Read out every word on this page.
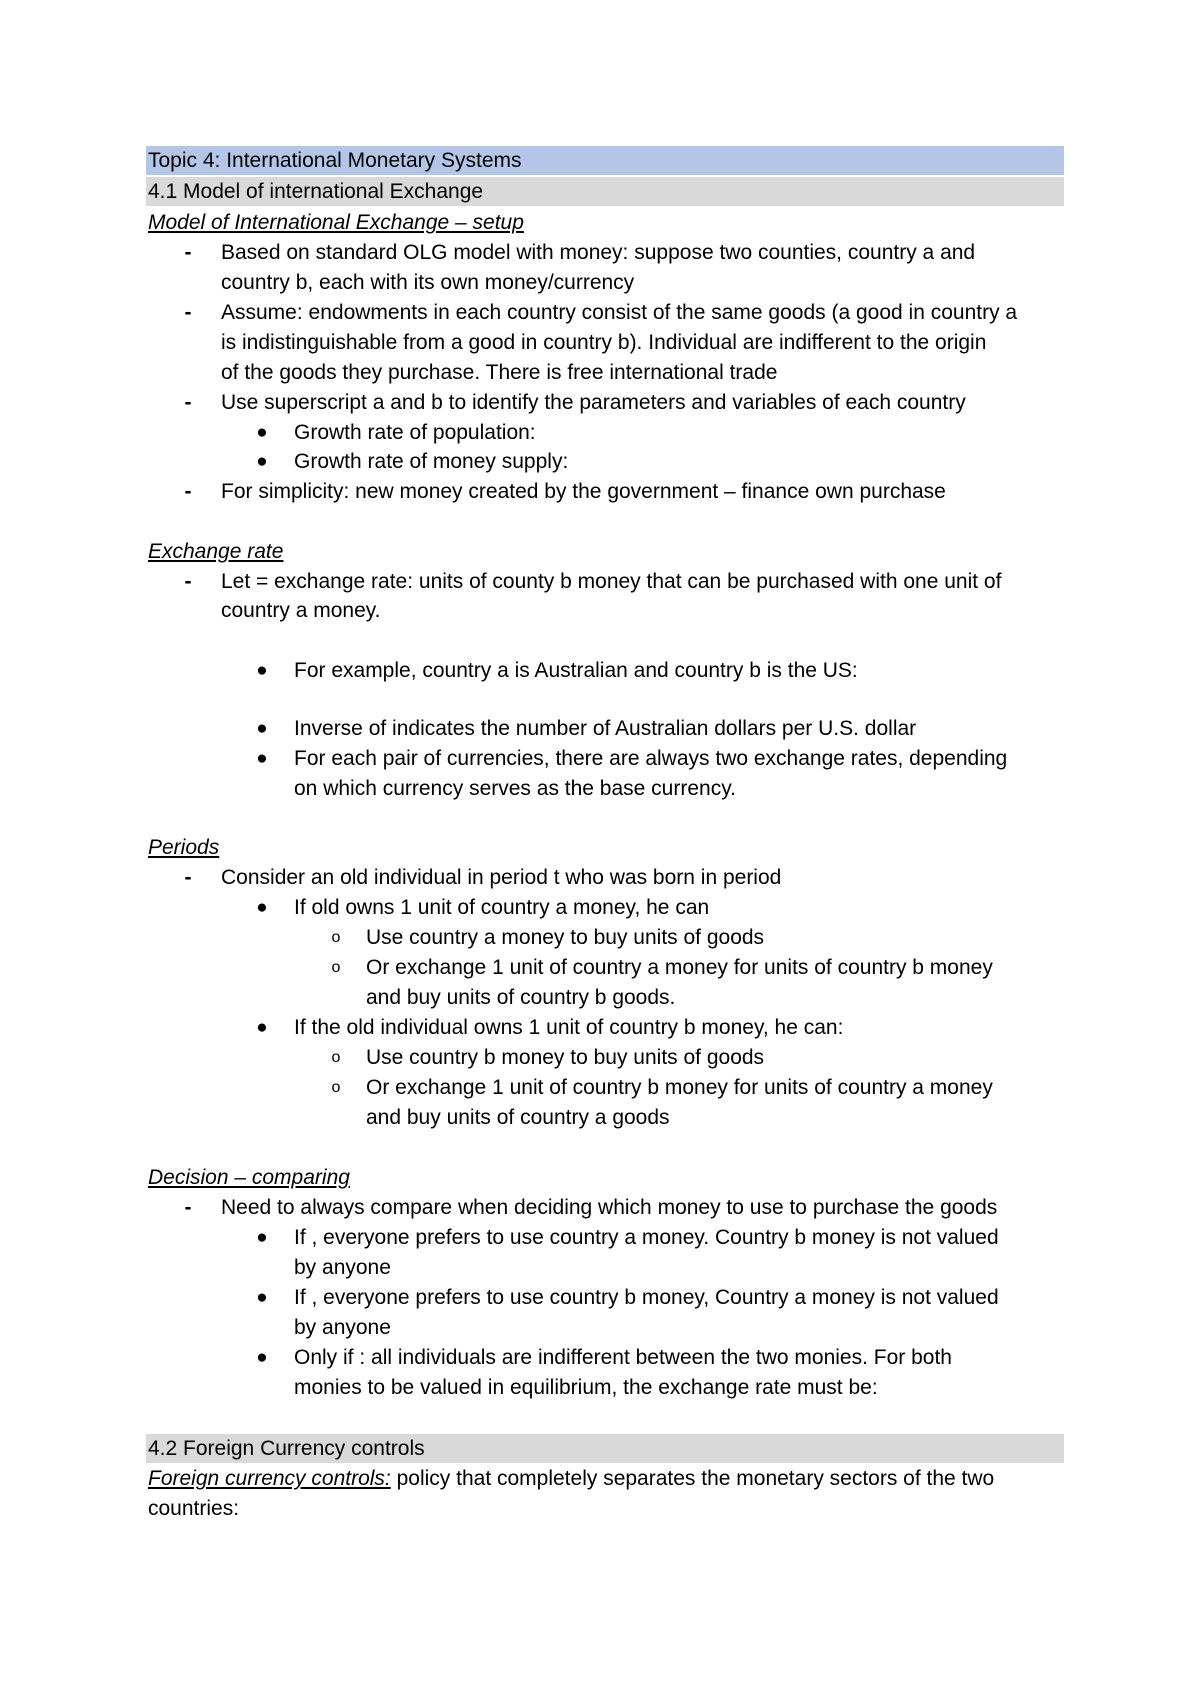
Topic 4: International Monetary Systems
4.1 Model of international Exchange
Model of International Exchange – setup
- Based on standard OLG model with money: suppose two counties, country a and
country b, each with its own money/currency
- Assume: endowments in each country consist of the same goods (a good in country a
is indistinguishable from a good in country b). Individual are indifferent to the origin
of the goods they purchase. There is free international trade
- Use superscript a and b to identify the parameters and variables of each country
● Growth rate of population:
● Growth rate of money supply:
- For simplicity: new money created by the government – finance own purchase
Exchange rate
- Let = exchange rate: units of county b money that can be purchased with one unit of
country a money.
● For example, country a is Australian and country b is the US:
● Inverse of indicates the number of Australian dollars per U.S. dollar
● For each pair of currencies, there are always two exchange rates, depending
on which currency serves as the base currency.
Periods
- Consider an old individual in period t who was born in period
● If old owns 1 unit of country a money, he can
o Use country a money to buy units of goods
o Or exchange 1 unit of country a money for units of country b money
and buy units of country b goods.
● If the old individual owns 1 unit of country b money, he can:
o Use country b money to buy units of goods
o Or exchange 1 unit of country b money for units of country a money
and buy units of country a goods
Decision – comparing
- Need to always compare when deciding which money to use to purchase the goods
● If , everyone prefers to use country a money. Country b money is not valued
by anyone
● If , everyone prefers to use country b money, Country a money is not valued
by anyone
● Only if : all individuals are indifferent between the two monies. For both
monies to be valued in equilibrium, the exchange rate must be:
4.2 Foreign Currency controls
Foreign currency controls: policy that completely separates the monetary sectors of the two
countries:
